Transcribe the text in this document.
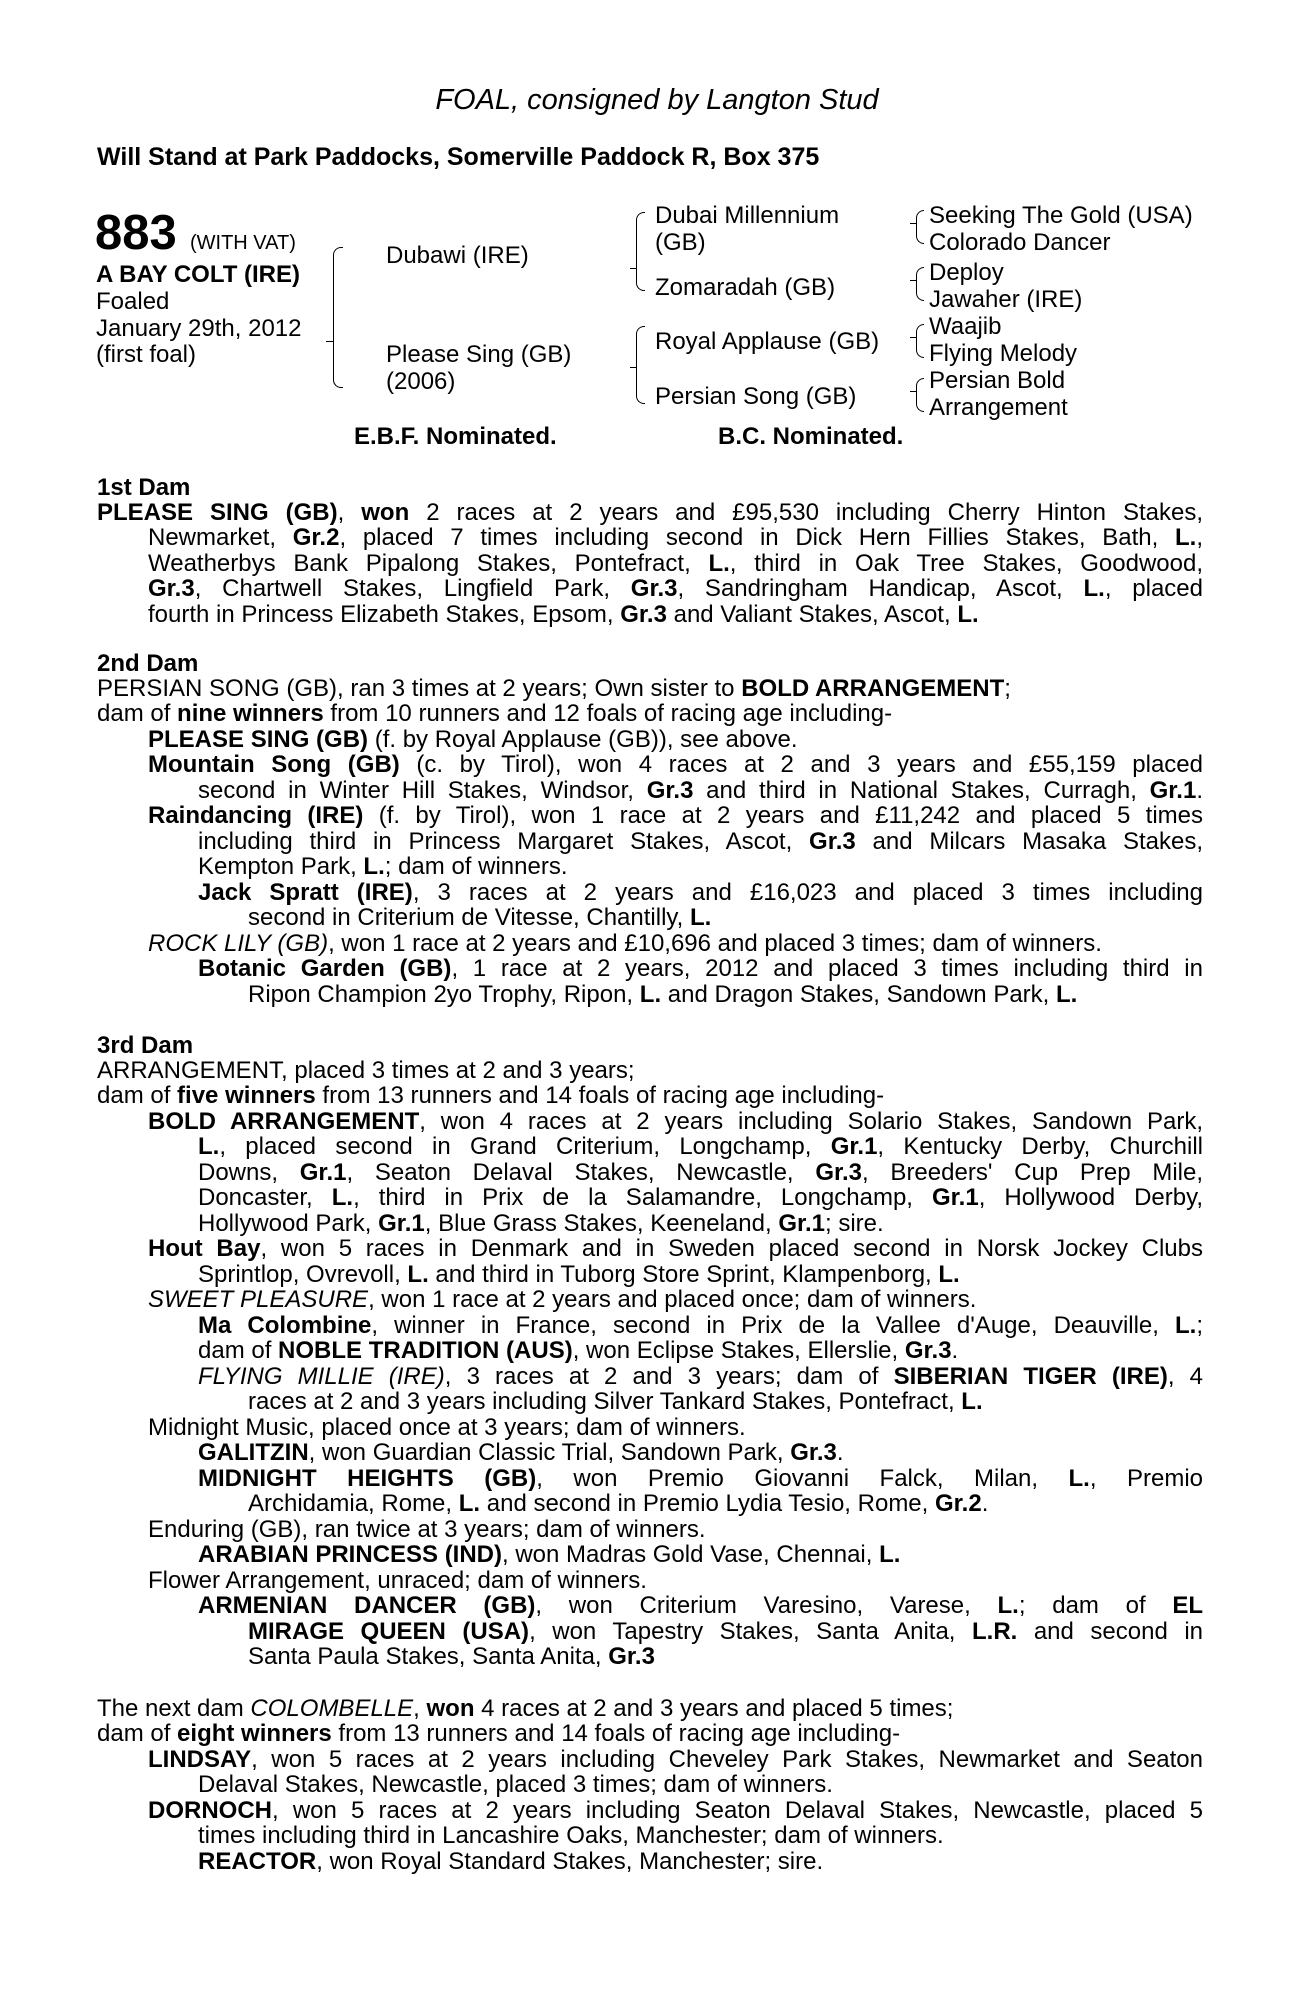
FOAL, consigned by Langton Stud
Will Stand at Park Paddocks, Somerville Paddock R, Box 375
883 (WITH VAT)
A BAY COLT (IRE)
Foaled
January 29th, 2012
(first foal)
Dubawi (IRE)
Please Sing (GB)
(2006)
Dubai Millennium
(GB)
Zomaradah (GB)
Royal Applause (GB)
Persian Song (GB)
Seeking The Gold (USA)
Colorado Dancer
Deploy
Jawaher (IRE)
Waajib
Flying Melody
Persian Bold
Arrangement
E.B.F. Nominated.	B.C. Nominated.
1st Dam
PLEASE SING (GB), won 2 races at 2 years and £95,530 including Cherry Hinton Stakes,
Newmarket, Gr.2, placed 7 times including second in Dick Hern Fillies Stakes, Bath, L.,
Weatherbys Bank Pipalong Stakes, Pontefract, L., third in Oak Tree Stakes, Goodwood,
Gr.3, Chartwell Stakes, Lingfield Park, Gr.3, Sandringham Handicap, Ascot, L., placed
fourth in Princess Elizabeth Stakes, Epsom, Gr.3 and Valiant Stakes, Ascot, L.
2nd Dam
PERSIAN SONG (GB), ran 3 times at 2 years; Own sister to BOLD ARRANGEMENT;
dam of nine winners from 10 runners and 12 foals of racing age including-
PLEASE SING (GB) (f. by Royal Applause (GB)), see above.
Mountain Song (GB) (c. by Tirol), won 4 races at 2 and 3 years and £55,159 placed
second in Winter Hill Stakes, Windsor, Gr.3 and third in National Stakes, Curragh, Gr.1.
Raindancing (IRE) (f. by Tirol), won 1 race at 2 years and £11,242 and placed 5 times
including third in Princess Margaret Stakes, Ascot, Gr.3 and Milcars Masaka Stakes,
Kempton Park, L.; dam of winners.
Jack Spratt (IRE), 3 races at 2 years and £16,023 and placed 3 times including
second in Criterium de Vitesse, Chantilly, L.
ROCK LILY (GB), won 1 race at 2 years and £10,696 and placed 3 times; dam of winners.
Botanic Garden (GB), 1 race at 2 years, 2012 and placed 3 times including third in
Ripon Champion 2yo Trophy, Ripon, L. and Dragon Stakes, Sandown Park, L.
3rd Dam
ARRANGEMENT, placed 3 times at 2 and 3 years;
dam of five winners from 13 runners and 14 foals of racing age including-
BOLD ARRANGEMENT, won 4 races at 2 years including Solario Stakes, Sandown Park,
L., placed second in Grand Criterium, Longchamp, Gr.1, Kentucky Derby, Churchill
Downs, Gr.1, Seaton Delaval Stakes, Newcastle, Gr.3, Breeders' Cup Prep Mile,
Doncaster, L., third in Prix de la Salamandre, Longchamp, Gr.1, Hollywood Derby,
Hollywood Park, Gr.1, Blue Grass Stakes, Keeneland, Gr.1; sire.
Hout Bay, won 5 races in Denmark and in Sweden placed second in Norsk Jockey Clubs
Sprintlop, Ovrevoll, L. and third in Tuborg Store Sprint, Klampenborg, L.
SWEET PLEASURE, won 1 race at 2 years and placed once; dam of winners.
Ma Colombine, winner in France, second in Prix de la Vallee d'Auge, Deauville, L.;
dam of NOBLE TRADITION (AUS), won Eclipse Stakes, Ellerslie, Gr.3.
FLYING MILLIE (IRE), 3 races at 2 and 3 years; dam of SIBERIAN TIGER (IRE), 4
races at 2 and 3 years including Silver Tankard Stakes, Pontefract, L.
Midnight Music, placed once at 3 years; dam of winners.
GALITZIN, won Guardian Classic Trial, Sandown Park, Gr.3.
MIDNIGHT HEIGHTS (GB), won Premio Giovanni Falck, Milan, L., Premio
Archidamia, Rome, L. and second in Premio Lydia Tesio, Rome, Gr.2.
Enduring (GB), ran twice at 3 years; dam of winners.
ARABIAN PRINCESS (IND), won Madras Gold Vase, Chennai, L.
Flower Arrangement, unraced; dam of winners.
ARMENIAN DANCER (GB), won Criterium Varesino, Varese, L.; dam of EL
MIRAGE QUEEN (USA), won Tapestry Stakes, Santa Anita, L.R. and second in
Santa Paula Stakes, Santa Anita, Gr.3
The next dam COLOMBELLE, won 4 races at 2 and 3 years and placed 5 times;
dam of eight winners from 13 runners and 14 foals of racing age including-
LINDSAY, won 5 races at 2 years including Cheveley Park Stakes, Newmarket and Seaton
Delaval Stakes, Newcastle, placed 3 times; dam of winners.
DORNOCH, won 5 races at 2 years including Seaton Delaval Stakes, Newcastle, placed 5
times including third in Lancashire Oaks, Manchester; dam of winners.
REACTOR, won Royal Standard Stakes, Manchester; sire.
